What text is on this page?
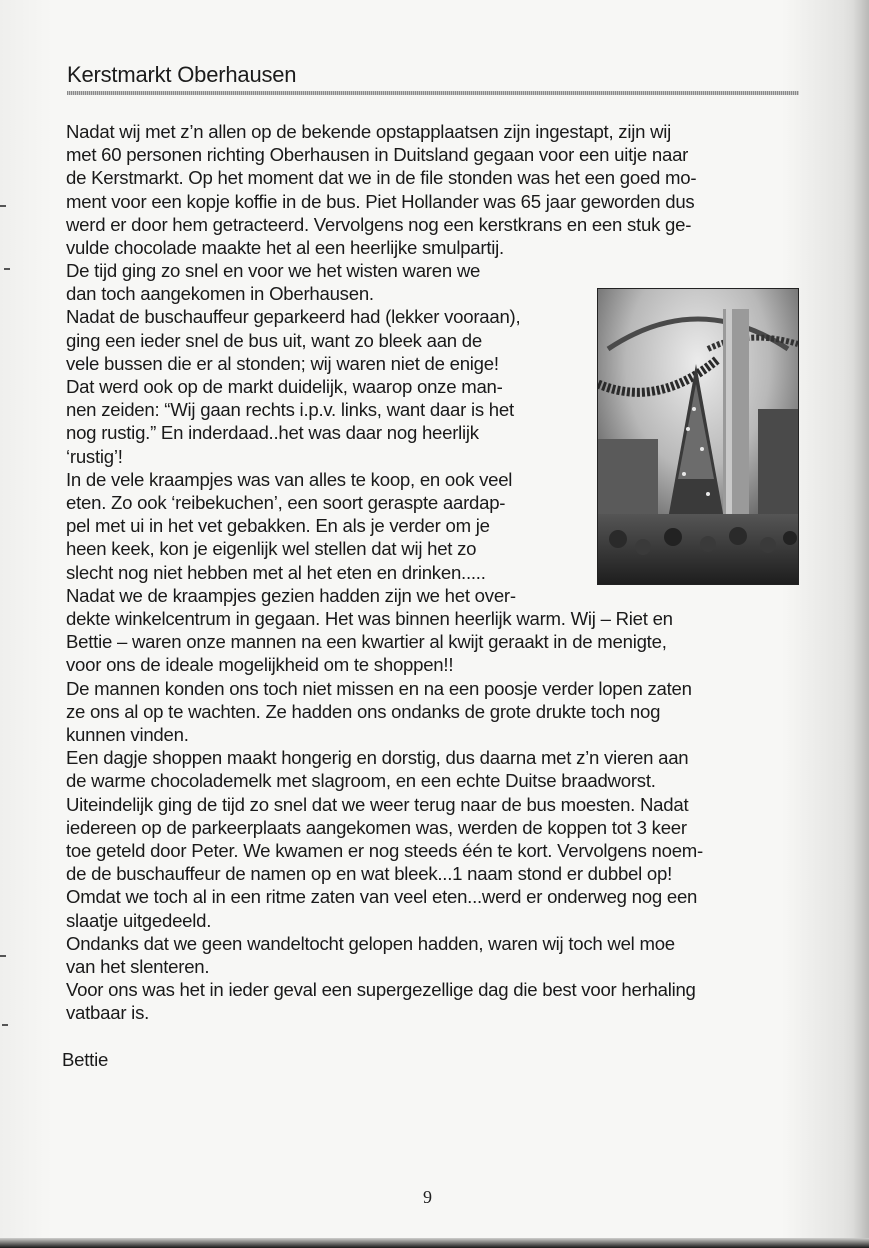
Kerstmarkt Oberhausen

Nadat wij met z’n allen op de bekende opstapplaatsen zijn ingestapt, zijn wij
met 60 personen richting Oberhausen in Duitsland gegaan voor een uitje naar
de Kerstmarkt. Op het moment dat we in de file stonden was het een goed mo-
ment voor een kopje koffie in de bus. Piet Hollander was 65 jaar geworden dus
werd er door hem getracteerd. Vervolgens nog een kerstkrans en een stuk ge-
vulde chocolade maakte het al een heerlijke smulpartij.

De tijd ging zo snel en voor we het wisten waren we
dan toch aangekomen in Oberhausen.
Nadat de buschauffeur geparkeerd had (lekker vooraan),
ging een ieder snel de bus uit, want zo bleek aan de
vele bussen die er al stonden; wij waren niet de enige!
Dat werd ook op de markt duidelijk, waarop onze man-
nen zeiden: “Wij gaan rechts i.p.v. links, want daar is het
nog rustig.” En inderdaad..het was daar nog heerlijk
‘rustig’!
In de vele kraampjes was van alles te koop, en ook veel
eten. Zo ook ‘reibekuchen’, een soort geraspte aardap-
pel met ui in het vet gebakken. En als je verder om je
heen keek, kon je eigenlijk wel stellen dat wij het zo
slecht nog niet hebben met al het eten en drinken.....
Nadat we de kraampjes gezien hadden zijn we het over-

dekte winkelcentrum in gegaan. Het was binnen heerlijk warm. Wij – Riet en
Bettie – waren onze mannen na een kwartier al kwijt geraakt in de menigte,
voor ons de ideale mogelijkheid om te shoppen!!
De mannen konden ons toch niet missen en na een poosje verder lopen zaten
ze ons al op te wachten. Ze hadden ons ondanks de grote drukte toch nog
kunnen vinden.
Een dagje shoppen maakt hongerig en dorstig, dus daarna met z’n vieren aan
de warme chocolademelk met slagroom, en een echte Duitse braadworst.
Uiteindelijk ging de tijd zo snel dat we weer terug naar de bus moesten. Nadat
iedereen op de parkeerplaats aangekomen was, werden de koppen tot 3 keer
toe geteld door Peter. We kwamen er nog steeds één te kort. Vervolgens noem-
de de buschauffeur de namen op en wat bleek...1 naam stond er dubbel op!
Omdat we toch al in een ritme zaten van veel eten...werd er onderweg nog een
slaatje uitgedeeld.
Ondanks dat we geen wandeltocht gelopen hadden, waren wij toch wel moe
van het slenteren.
Voor ons was het in ieder geval een supergezellige dag die best voor herhaling
vatbaar is.

Bettie
9
